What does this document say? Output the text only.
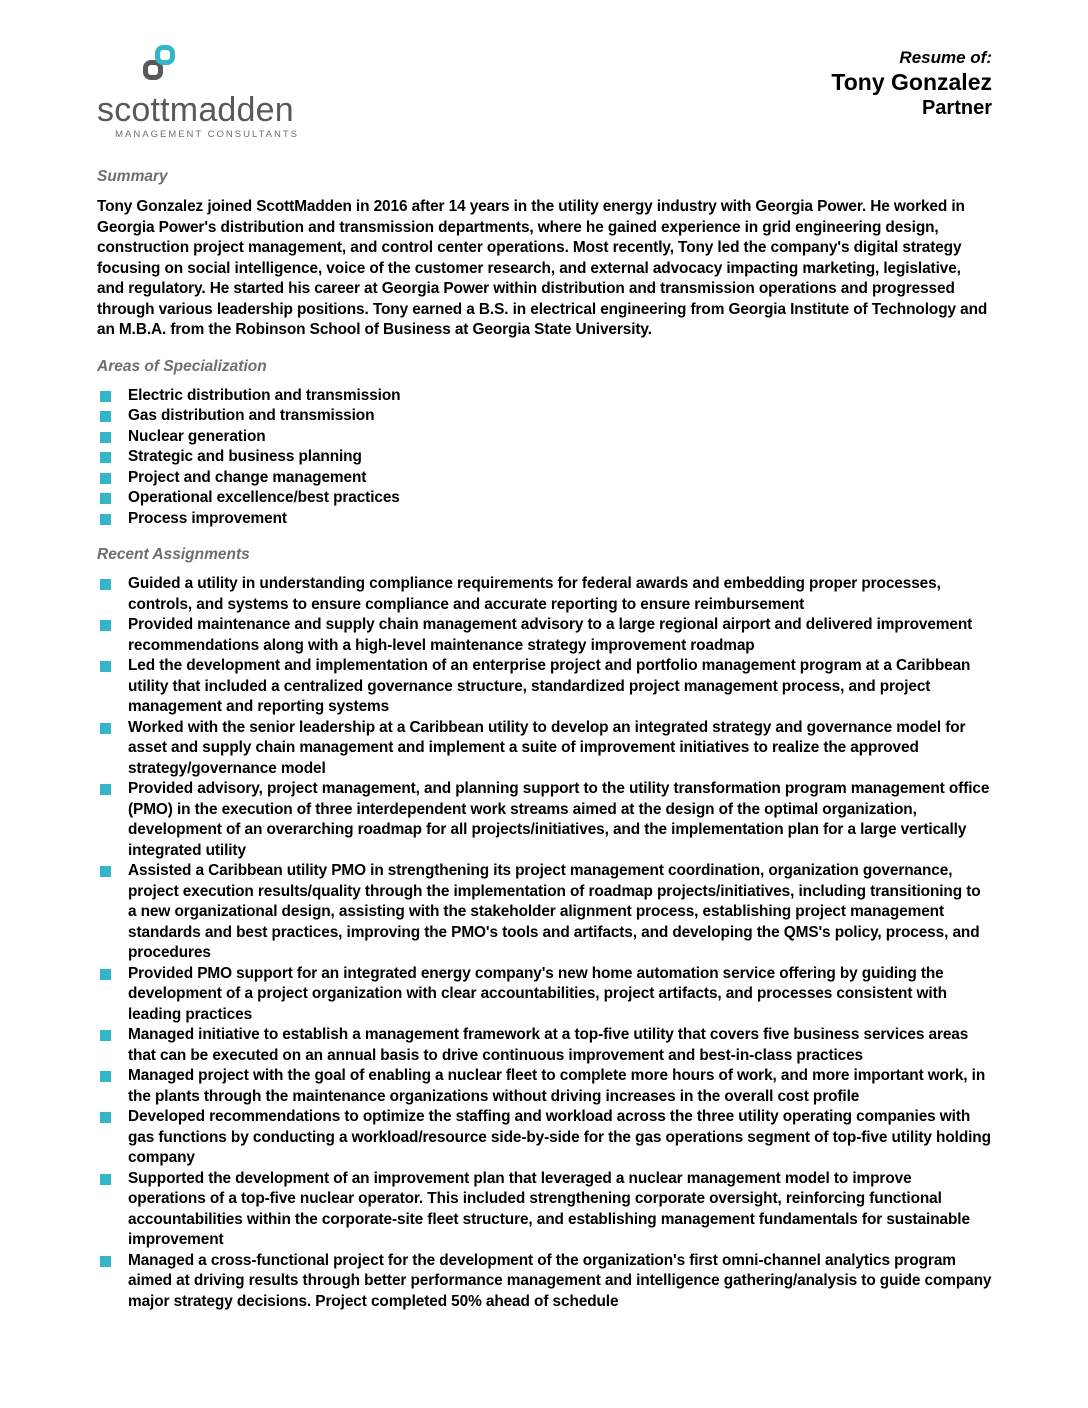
scottmadden
MANAGEMENT CONSULTANTS
Resume of:
Tony Gonzalez
Partner
Summary
Tony Gonzalez joined ScottMadden in 2016 after 14 years in the utility energy industry with Georgia Power. He worked in Georgia Power's distribution and transmission departments, where he gained experience in grid engineering design, construction project management, and control center operations. Most recently, Tony led the company's digital strategy focusing on social intelligence, voice of the customer research, and external advocacy impacting marketing, legislative, and regulatory. He started his career at Georgia Power within distribution and transmission operations and progressed through various leadership positions. Tony earned a B.S. in electrical engineering from Georgia Institute of Technology and an M.B.A. from the Robinson School of Business at Georgia State University.
Areas of Specialization
Electric distribution and transmission
Gas distribution and transmission
Nuclear generation
Strategic and business planning
Project and change management
Operational excellence/best practices
Process improvement
Recent Assignments
Guided a utility in understanding compliance requirements for federal awards and embedding proper processes, controls, and systems to ensure compliance and accurate reporting to ensure reimbursement
Provided maintenance and supply chain management advisory to a large regional airport and delivered improvement recommendations along with a high-level maintenance strategy improvement roadmap
Led the development and implementation of an enterprise project and portfolio management program at a Caribbean utility that included a centralized governance structure, standardized project management process, and project management and reporting systems
Worked with the senior leadership at a Caribbean utility to develop an integrated strategy and governance model for asset and supply chain management and implement a suite of improvement initiatives to realize the approved strategy/governance model
Provided advisory, project management, and planning support to the utility transformation program management office (PMO) in the execution of three interdependent work streams aimed at the design of the optimal organization, development of an overarching roadmap for all projects/initiatives, and the implementation plan for a large vertically integrated utility
Assisted a Caribbean utility PMO in strengthening its project management coordination, organization governance, project execution results/quality through the implementation of roadmap projects/initiatives, including transitioning to a new organizational design, assisting with the stakeholder alignment process, establishing project management standards and best practices, improving the PMO's tools and artifacts, and developing the QMS's policy, process, and procedures
Provided PMO support for an integrated energy company's new home automation service offering by guiding the development of a project organization with clear accountabilities, project artifacts, and processes consistent with leading practices
Managed initiative to establish a management framework at a top-five utility that covers five business services areas that can be executed on an annual basis to drive continuous improvement and best-in-class practices
Managed project with the goal of enabling a nuclear fleet to complete more hours of work, and more important work, in the plants through the maintenance organizations without driving increases in the overall cost profile
Developed recommendations to optimize the staffing and workload across the three utility operating companies with gas functions by conducting a workload/resource side-by-side for the gas operations segment of top-five utility holding company
Supported the development of an improvement plan that leveraged a nuclear management model to improve operations of a top-five nuclear operator. This included strengthening corporate oversight, reinforcing functional accountabilities within the corporate-site fleet structure, and establishing management fundamentals for sustainable improvement
Managed a cross-functional project for the development of the organization's first omni-channel analytics program aimed at driving results through better performance management and intelligence gathering/analysis to guide company major strategy decisions. Project completed 50% ahead of schedule
